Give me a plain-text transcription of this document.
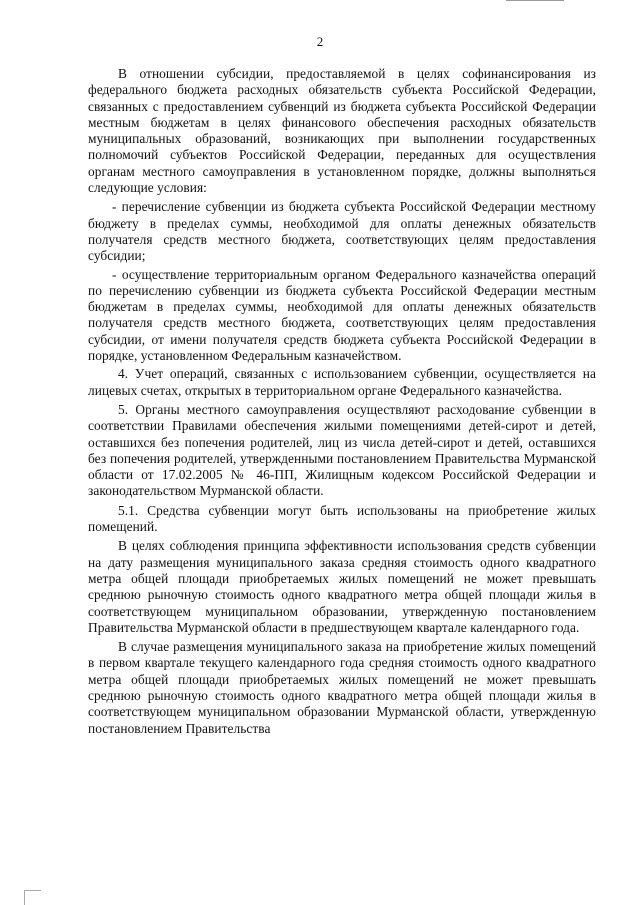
2

В отношении субсидии, предоставляемой в целях софинансирования из федерального бюджета расходных обязательств субъекта Российской Федерации, связанных с предоставлением субвенций из бюджета субъекта Российской Федерации местным бюджетам в целях финансового обеспечения расходных обязательств муниципальных образований, возникающих при выполнении государственных полномочий субъектов Российской Федерации, переданных для осуществления органам местного самоуправления в установленном порядке, должны выполняться следующие условия:

- перечисление субвенции из бюджета субъекта Российской Федерации местному бюджету в пределах суммы, необходимой для оплаты денежных обязательств получателя средств местного бюджета, соответствующих целям предоставления субсидии;

- осуществление территориальным органом Федерального казначейства операций по перечислению субвенции из бюджета субъекта Российской Федерации местным бюджетам в пределах суммы, необходимой для оплаты денежных обязательств получателя средств местного бюджета, соответствующих целям предоставления субсидии, от имени получателя средств бюджета субъекта Российской Федерации в порядке, установленном Федеральным казначейством.

4. Учет операций, связанных с использованием субвенции, осуществляется на лицевых счетах, открытых в территориальном органе Федерального казначейства.

5. Органы местного самоуправления осуществляют расходование субвенции в соответствии Правилами обеспечения жилыми помещениями детей-сирот и детей, оставшихся без попечения родителей, лиц из числа детей-сирот и детей, оставшихся без попечения родителей, утвержденными постановлением Правительства Мурманской области от 17.02.2005 № 46-ПП, Жилищным кодексом Российской Федерации и законодательством Мурманской области.

5.1. Средства субвенции могут быть использованы на приобретение жилых помещений.

В целях соблюдения принципа эффективности использования средств субвенции на дату размещения муниципального заказа средняя стоимость одного квадратного метра общей площади приобретаемых жилых помещений не может превышать среднюю рыночную стоимость одного квадратного метра общей площади жилья в соответствующем муниципальном образовании, утвержденную постановлением Правительства Мурманской области в предшествующем квартале календарного года.

В случае размещения муниципального заказа на приобретение жилых помещений в первом квартале текущего календарного года средняя стоимость одного квадратного метра общей площади приобретаемых жилых помещений не может превышать среднюю рыночную стоимость одного квадратного метра общей площади жилья в соответствующем муниципальном образовании Мурманской области, утвержденную постановлением Правительства
